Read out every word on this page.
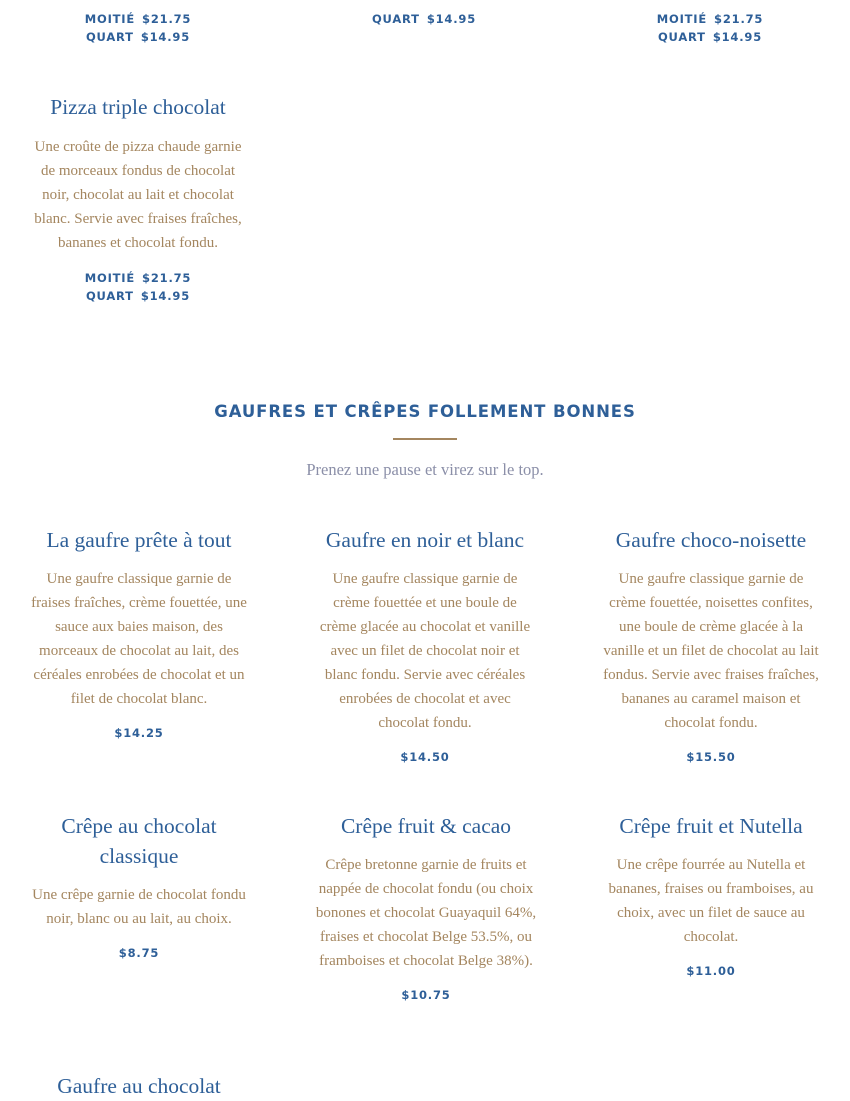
MOITIÉ $21.75
QUART $14.95
QUART $14.95	MOITIÉ $21.75
QUART $14.95
Pizza triple chocolat

Une croûte de pizza chaude garnie de morceaux fondus de chocolat noir, chocolat au lait et chocolat blanc. Servie avec fraises fraîches, bananes et chocolat fondu.

MOITIÉ $21.75
QUART $14.95
GAUFRES ET CRÊPES FOLLEMENT BONNES

Prenez une pause et virez sur le top.

La gaufre prête à tout

Une gaufre classique garnie de fraises fraîches, crème fouettée, une sauce aux baies maison, des morceaux de chocolat au lait, des céréales enrobées de chocolat et un filet de chocolat blanc.

$14.25
Gaufre en noir et blanc

Une gaufre classique garnie de crème fouettée et une boule de crème glacée au chocolat et vanille avec un filet de chocolat noir et blanc fondu. Servie avec céréales enrobées de chocolat et avec chocolat fondu.

$14.50
Gaufre choco-noisette

Une gaufre classique garnie de crème fouettée, noisettes confites, une boule de crème glacée à la vanille et un filet de chocolat au lait fondus. Servie avec fraises fraîches, bananes au caramel maison et chocolat fondu.

$15.50
Crêpe au chocolat classique

Une crêpe garnie de chocolat fondu noir, blanc ou au lait, au choix.

$8.75
Crêpe fruit & cacao

Crêpe bretonne garnie de fruits et nappée de chocolat fondu (ou choix bonones et chocolat Guayaquil 64%, fraises et chocolat Belge 53.5%, ou framboises et chocolat Belge 38%).

$10.75
Crêpe fruit et Nutella

Une crêpe fourrée au Nutella et bananes, fraises ou framboises, au choix, avec un filet de sauce au chocolat.

$11.00
Gaufre au chocolat
